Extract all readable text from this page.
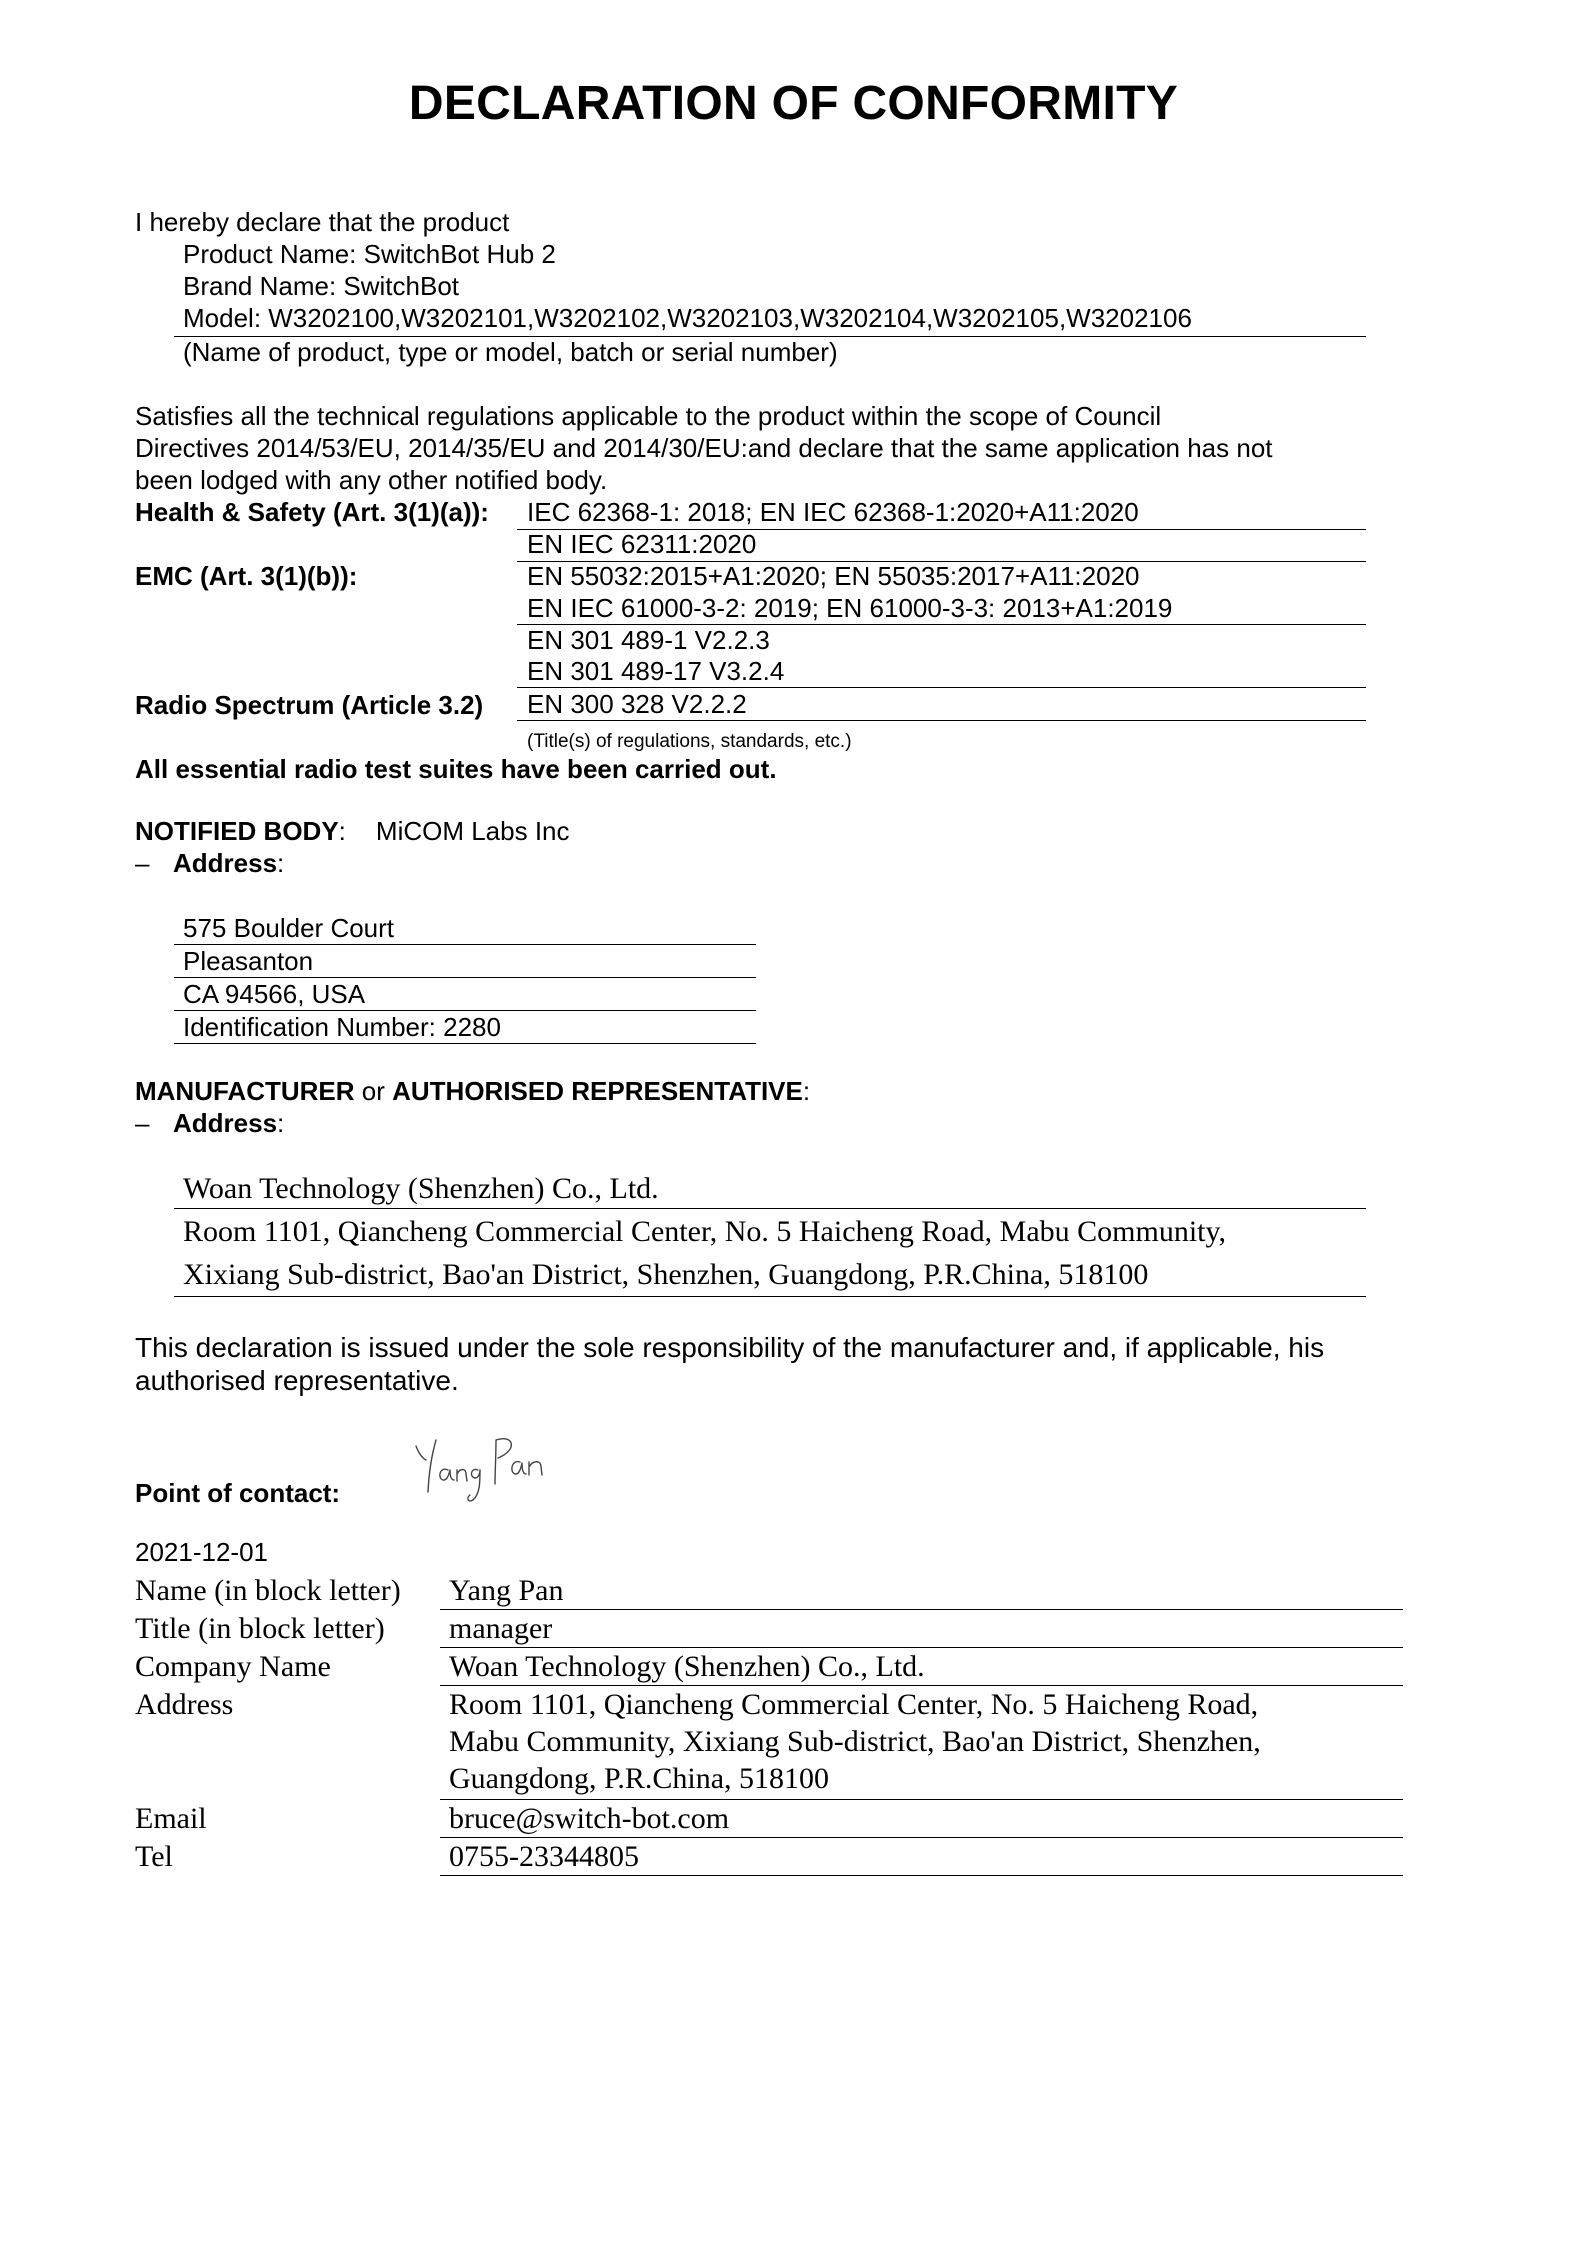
DECLARATION OF CONFORMITY
I hereby declare that the product
Product Name: SwitchBot Hub 2
Brand Name: SwitchBot
Model: W3202100,W3202101,W3202102,W3202103,W3202104,W3202105,W3202106
(Name of product, type or model, batch or serial number)
Satisfies all the technical regulations applicable to the product within the scope of Council
Directives 2014/53/EU, 2014/35/EU and 2014/30/EU:and declare that the same application has not
been lodged with any other notified body.
Health & Safety (Art. 3(1)(a)): IEC 62368-1: 2018; EN IEC 62368-1:2020+A11:2020
EN IEC 62311:2020
EMC (Art. 3(1)(b)):	EN 55032:2015+A1:2020; EN 55035:2017+A11:2020
EN IEC 61000-3-2: 2019; EN 61000-3-3: 2013+A1:2019
EN 301 489-1 V2.2.3
EN 301 489-17 V3.2.4
Radio Spectrum (Article 3.2) EN 300 328 V2.2.2
(Title(s) of regulations, standards, etc.)
All essential radio test suites have been carried out.
NOTIFIED BODY: MiCOM Labs Inc
– Address:
575 Boulder Court
Pleasanton
CA 94566, USA
Identification Number: 2280
MANUFACTURER or AUTHORISED REPRESENTATIVE:
– Address:
Woan Technology (Shenzhen) Co., Ltd.
Room 1101, Qiancheng Commercial Center, No. 5 Haicheng Road, Mabu Community,
Xixiang Sub-district, Bao'an District, Shenzhen, Guangdong, P.R.China, 518100
This declaration is issued under the sole responsibility of the manufacturer and, if applicable, his
authorised representative.
Point of contact:
2021-12-01
Name (in block letter) Yang Pan
Title (in block letter) manager
Company Name	Woan Technology (Shenzhen) Co., Ltd.
Address	Room 1101, Qiancheng Commercial Center, No. 5 Haicheng Road,
Mabu Community, Xixiang Sub-district, Bao'an District, Shenzhen,
Guangdong, P.R.China, 518100
Email	bruce@switch-bot.com
Tel	0755-23344805
